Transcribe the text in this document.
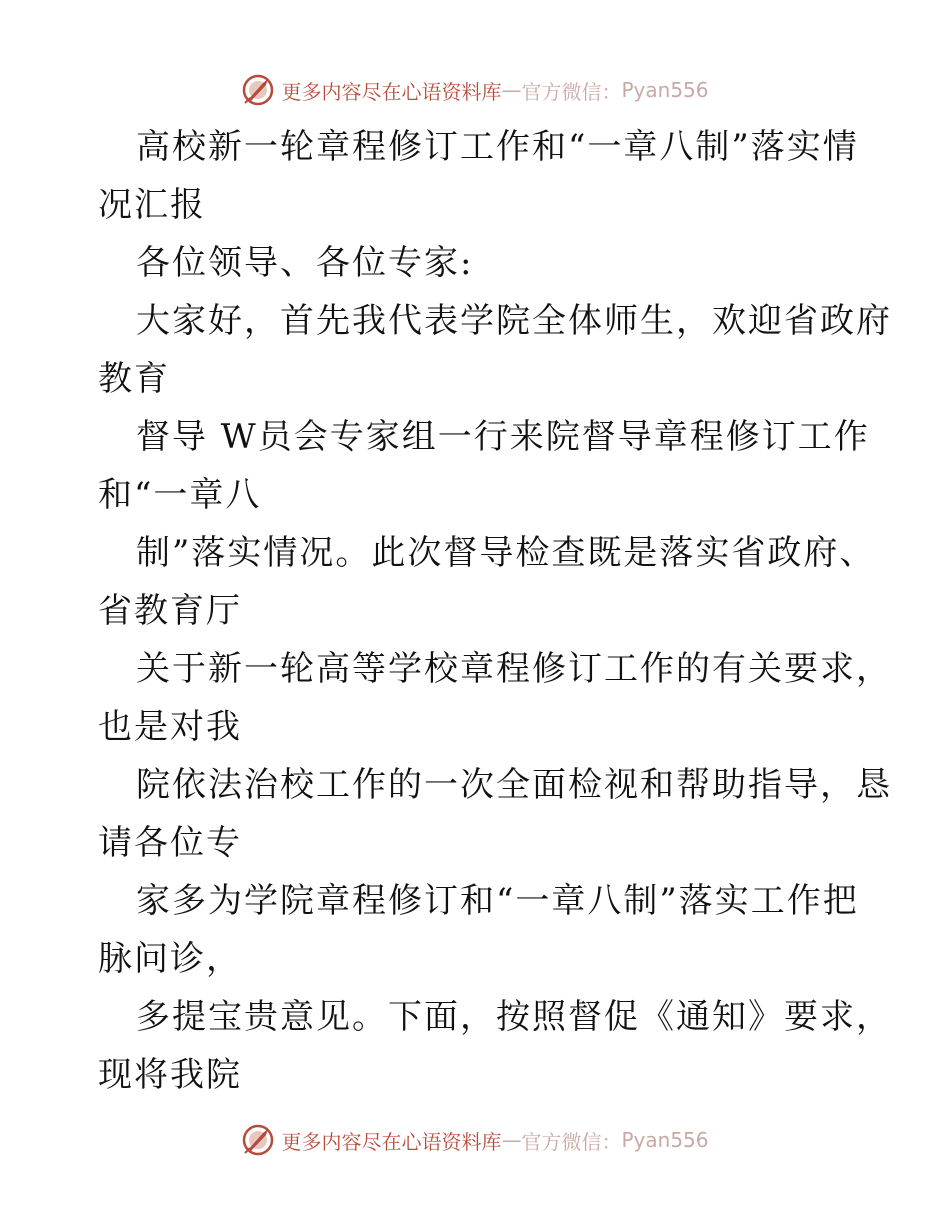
更多内容尽在心语资料库 — 官方微信： Pyan556
高校新一轮章程修订工作和“一章八制”落实情
况汇报
各位领导、各位专家:
大家好，首先我代表学院全体师生，欢迎省政府
教育
督导 W员会专家组一行来院督导章程修订工作
和“一章八
制”落实情况。此次督导检查既是落实省政府、
省教育厅
关于新一轮高等学校章程修订工作的有关要求，
也是对我
院依法治校工作的一次全面检视和帮助指导，恳
请各位专
家多为学院章程修订和“一章八制”落实工作把
脉问诊，
多提宝贵意见。下面，按照督促《通知》要求，
现将我院
更多内容尽在心语资料库 — 官方微信： Pyan556
